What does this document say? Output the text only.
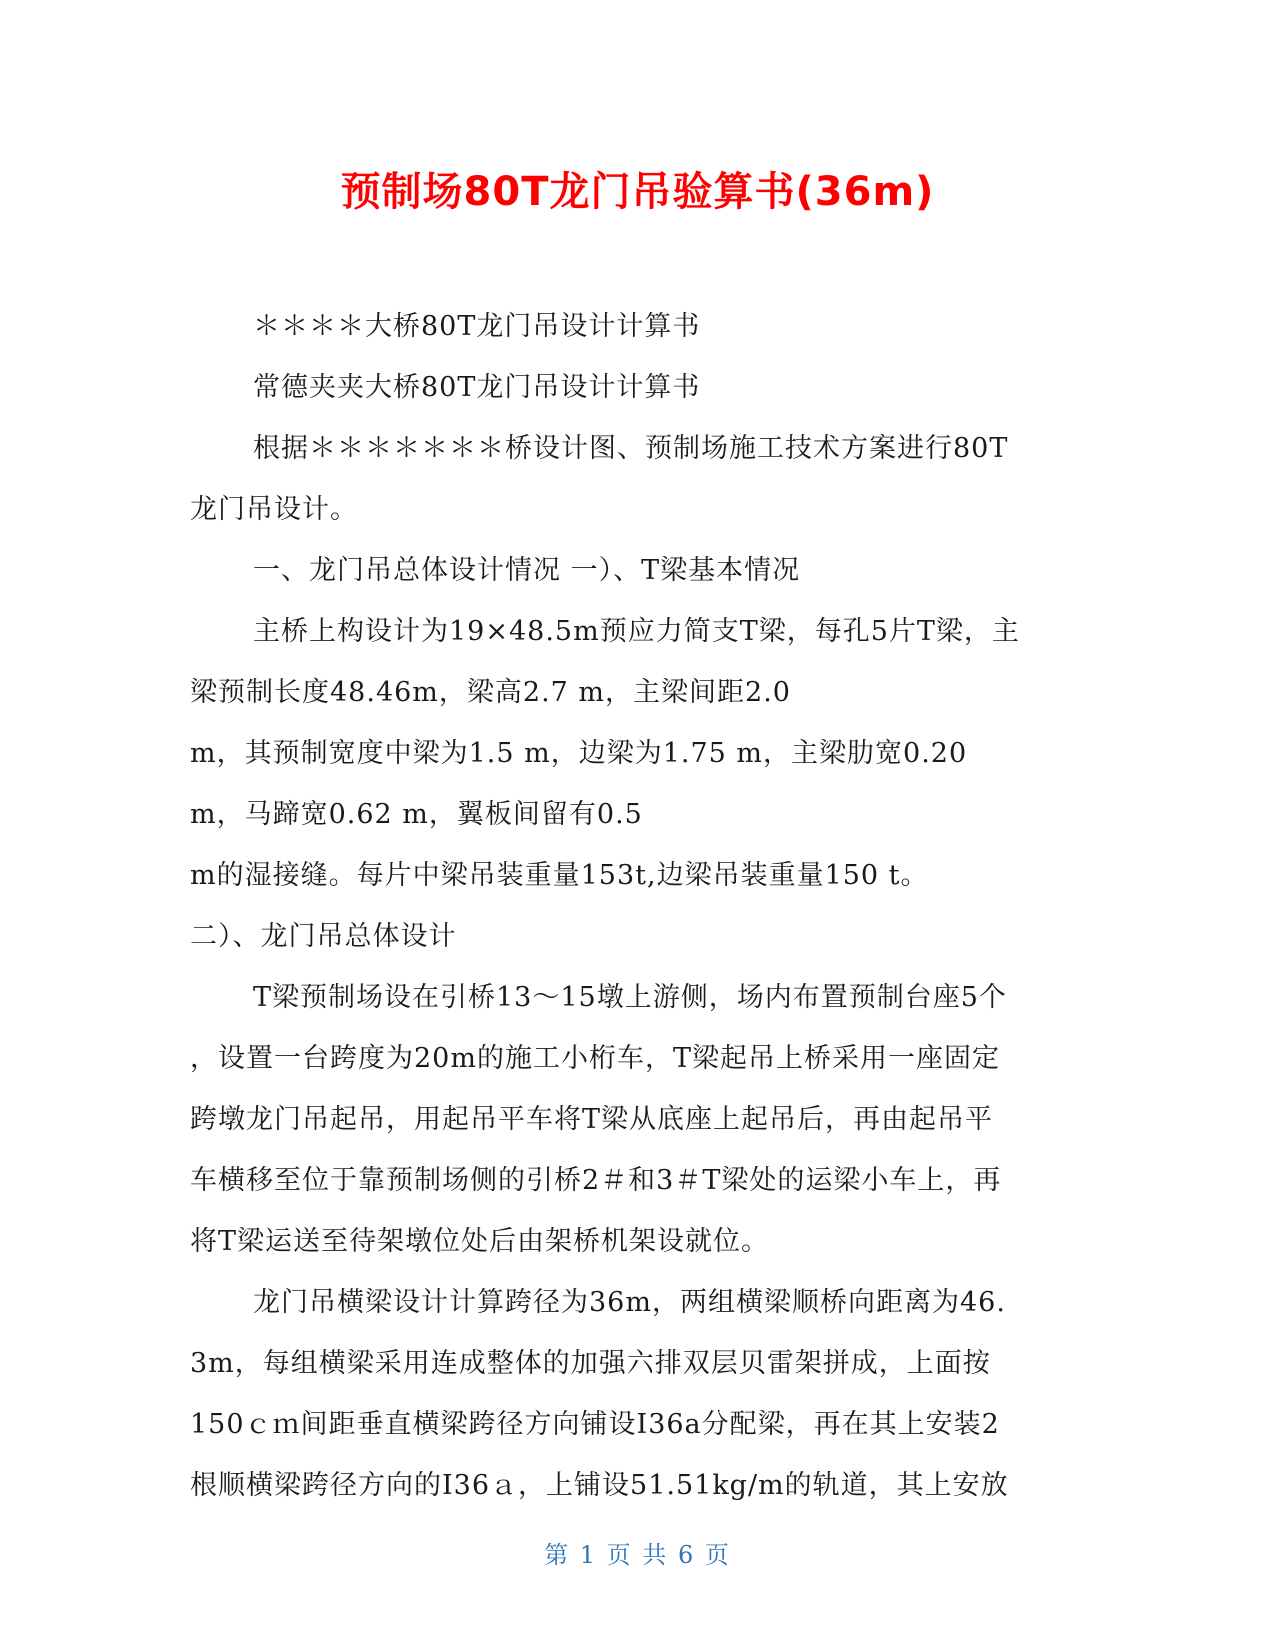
预制场80T龙门吊验算书(36m)
＊＊＊＊大桥80T龙门吊设计计算书
常德夹夹大桥80T龙门吊设计计算书
根据＊＊＊＊＊＊＊桥设计图、预制场施工技术方案进行80T
龙门吊设计。
一、龙门吊总体设计情况 一）、T梁基本情况
主桥上构设计为19×48.5m预应力简支T梁，每孔5片T梁，主
梁预制长度48.46m，梁高2.7 m，主梁间距2.0
m，其预制宽度中梁为1.5 m，边梁为1.75 m，主梁肋宽0.20
m，马蹄宽0.62 m，翼板间留有0.5
m的湿接缝。每片中梁吊装重量153t,边梁吊装重量150 t。
二）、龙门吊总体设计
T梁预制场设在引桥13～15墩上游侧，场内布置预制台座5个
，设置一台跨度为20m的施工小桁车，T梁起吊上桥采用一座固定
跨墩龙门吊起吊，用起吊平车将T梁从底座上起吊后，再由起吊平
车横移至位于靠预制场侧的引桥2＃和3＃T梁处的运梁小车上，再
将T梁运送至待架墩位处后由架桥机架设就位。
龙门吊横梁设计计算跨径为36m，两组横梁顺桥向距离为46.
3m，每组横梁采用连成整体的加强六排双层贝雷架拼成，上面按
150ｃｍ间距垂直横梁跨径方向铺设I36a分配梁，再在其上安装2
根顺横梁跨径方向的I36ａ，上铺设51.51kg/m的轨道，其上安放
第 1 页 共 6 页
